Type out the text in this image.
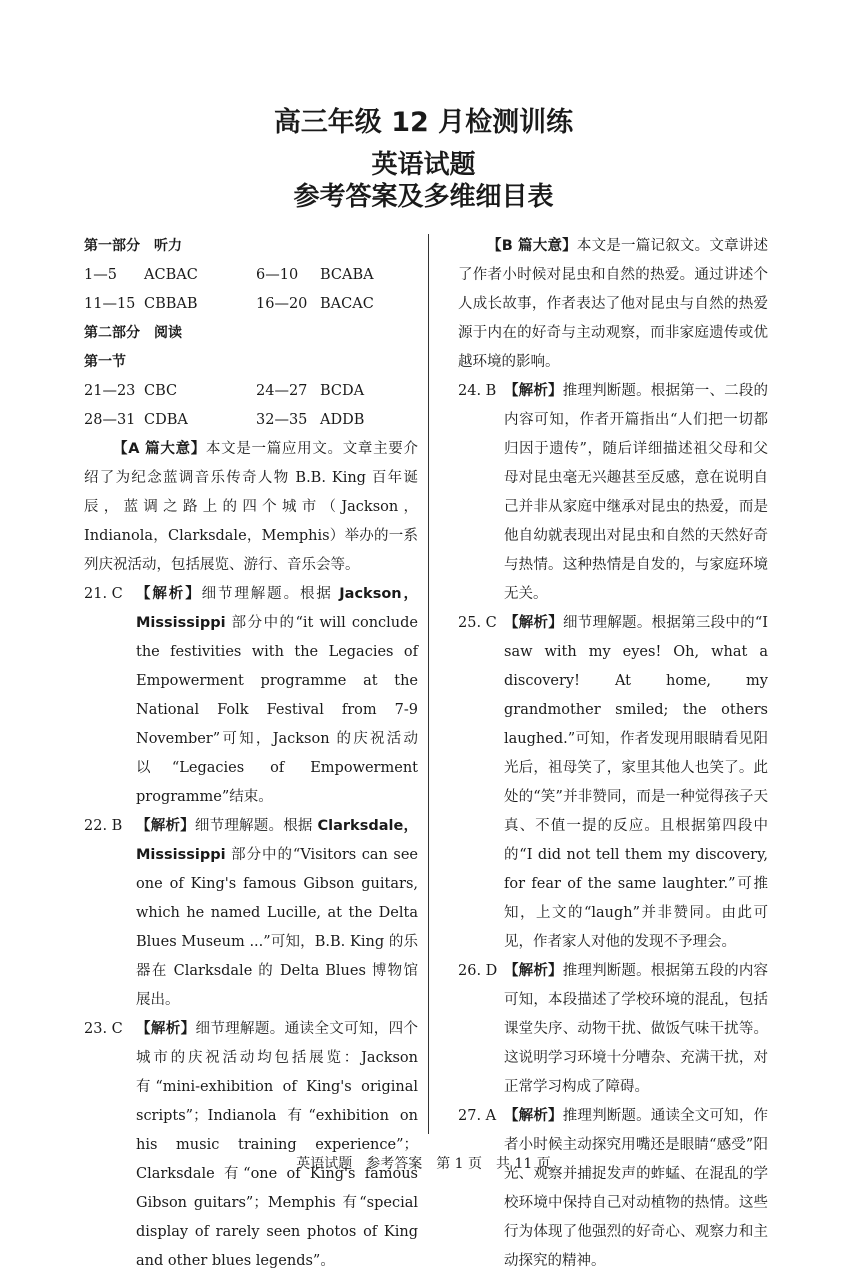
高三年级 12 月检测训练
英语试题
参考答案及多维细目表
第一部分　听力
1—5	ACBAC	6—10	BCABA
11—15 CBBAB	16—20 BACAC
第二部分　阅读
第一节
21—23 CBC	24—27 BCDA
28—31 CDBA	32—35 ADDB
【A 篇大意】本文是一篇应用文。文章主要介绍了为纪念蓝调音乐传奇人物 B.B. King 百年诞辰，蓝调之路上的四个城市（Jackson，Indianola，Clarksdale，Memphis）举办的一系列庆祝活动，包括展览、游行、音乐会等。
21. C 【解析】细节理解题。根据 Jackson，Mississippi 部分中的“it will conclude the festivities with the Legacies of Empowerment programme at the National Folk Festival from 7-9 November”可知，Jackson 的庆祝活动以“Legacies of Empowerment programme”结束。
22. B 【解析】细节理解题。根据 Clarksdale，Mississippi 部分中的“Visitors can see one of King's famous Gibson guitars, which he named Lucille, at the Delta Blues Museum ...”可知，B.B. King 的乐器在 Clarksdale 的 Delta Blues 博物馆展出。
23. C 【解析】细节理解题。通读全文可知，四个城市的庆祝活动均包括展览：Jackson 有“mini-exhibition of King's original scripts”；Indianola 有“exhibition on his music training experience”；Clarksdale 有“one of King's famous Gibson guitars”；Memphis 有“special display of rarely seen photos of King and other blues legends”。
【B 篇大意】本文是一篇记叙文。文章讲述了作者小时候对昆虫和自然的热爱。通过讲述个人成长故事，作者表达了他对昆虫与自然的热爱源于内在的好奇与主动观察，而非家庭遗传或优越环境的影响。
24. B 【解析】推理判断题。根据第一、二段的内容可知，作者开篇指出“人们把一切都归因于遗传”，随后详细描述祖父母和父母对昆虫毫无兴趣甚至反感，意在说明自己并非从家庭中继承对昆虫的热爱，而是他自幼就表现出对昆虫和自然的天然好奇与热情。这种热情是自发的，与家庭环境无关。
25. C 【解析】细节理解题。根据第三段中的“I saw with my eyes! Oh, what a discovery! At home, my grandmother smiled; the others laughed.”可知，作者发现用眼睛看见阳光后，祖母笑了，家里其他人也笑了。此处的“笑”并非赞同，而是一种觉得孩子天真、不值一提的反应。且根据第四段中的“I did not tell them my discovery, for fear of the same laughter.”可推知，上文的“laugh”并非赞同。由此可见，作者家人对他的发现不予理会。
26. D 【解析】推理判断题。根据第五段的内容可知，本段描述了学校环境的混乱，包括课堂失序、动物干扰、做饭气味干扰等。这说明学习环境十分嘈杂、充满干扰，对正常学习构成了障碍。
27. A 【解析】推理判断题。通读全文可知，作者小时候主动探究用嘴还是眼睛“感受”阳光、观察并捕捉发声的蚱蜢、在混乱的学校环境中保持自己对动植物的热情。这些行为体现了他强烈的好奇心、观察力和主动探究的精神。
英语试题　参考答案　第 1 页　共 11 页
